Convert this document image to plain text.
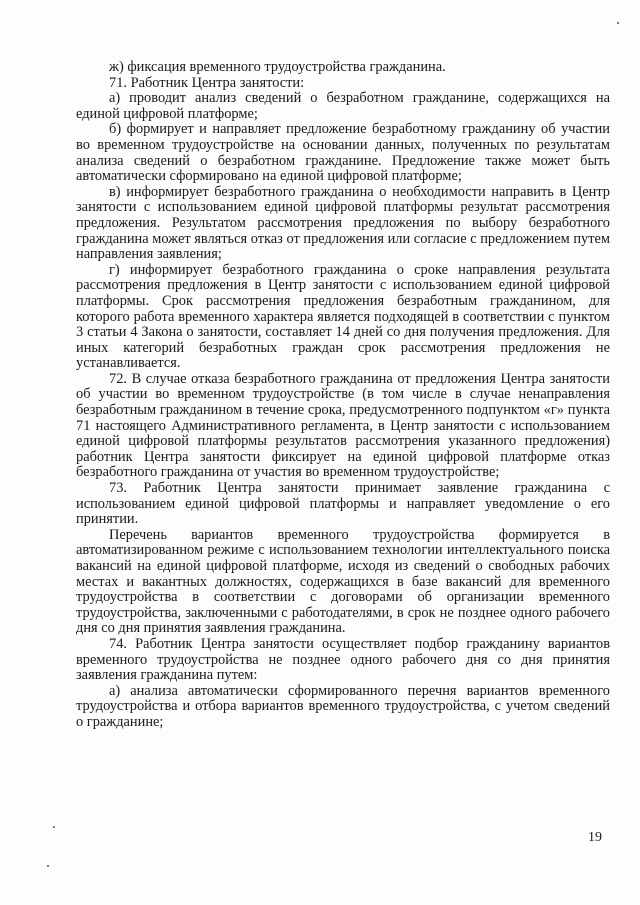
ж) фиксация временного трудоустройства гражданина.

71. Работник Центра занятости:

а) проводит анализ сведений о безработном гражданине, содержащихся на единой цифровой платформе;

б) формирует и направляет предложение безработному гражданину об участии во временном трудоустройстве на основании данных, полученных по результатам анализа сведений о безработном гражданине. Предложение также может быть автоматически сформировано на единой цифровой платформе;

в) информирует безработного гражданина о необходимости направить в Центр занятости с использованием единой цифровой платформы результат рассмотрения предложения. Результатом рассмотрения предложения по выбору безработного гражданина может являться отказ от предложения или согласие с предложением путем направления заявления;

г) информирует безработного гражданина о сроке направления результата рассмотрения предложения в Центр занятости с использованием единой цифровой платформы. Срок рассмотрения предложения безработным гражданином, для которого работа временного характера является подходящей в соответствии с пунктом 3 статьи 4 Закона о занятости, составляет 14 дней со дня получения предложения. Для иных категорий безработных граждан срок рассмотрения предложения не устанавливается.

72. В случае отказа безработного гражданина от предложения Центра занятости об участии во временном трудоустройстве (в том числе в случае ненаправления безработным гражданином в течение срока, предусмотренного подпунктом «г» пункта 71 настоящего Административного регламента, в Центр занятости с использованием единой цифровой платформы результатов рассмотрения указанного предложения) работник Центра занятости фиксирует на единой цифровой платформе отказ безработного гражданина от участия во временном трудоустройстве;

73. Работник Центра занятости принимает заявление гражданина с использованием единой цифровой платформы и направляет уведомление о его принятии.

Перечень вариантов временного трудоустройства формируется в автоматизированном режиме с использованием технологии интеллектуального поиска вакансий на единой цифровой платформе, исходя из сведений о свободных рабочих местах и вакантных должностях, содержащихся в базе вакансий для временного трудоустройства в соответствии с договорами об организации временного трудоустройства, заключенными с работодателями, в срок не позднее одного рабочего дня со дня принятия заявления гражданина.

74. Работник Центра занятости осуществляет подбор гражданину вариантов временного трудоустройства не позднее одного рабочего дня со дня принятия заявления гражданина путем:

а) анализа автоматически сформированного перечня вариантов временного трудоустройства и отбора вариантов временного трудоустройства, с учетом сведений о гражданине;

19
